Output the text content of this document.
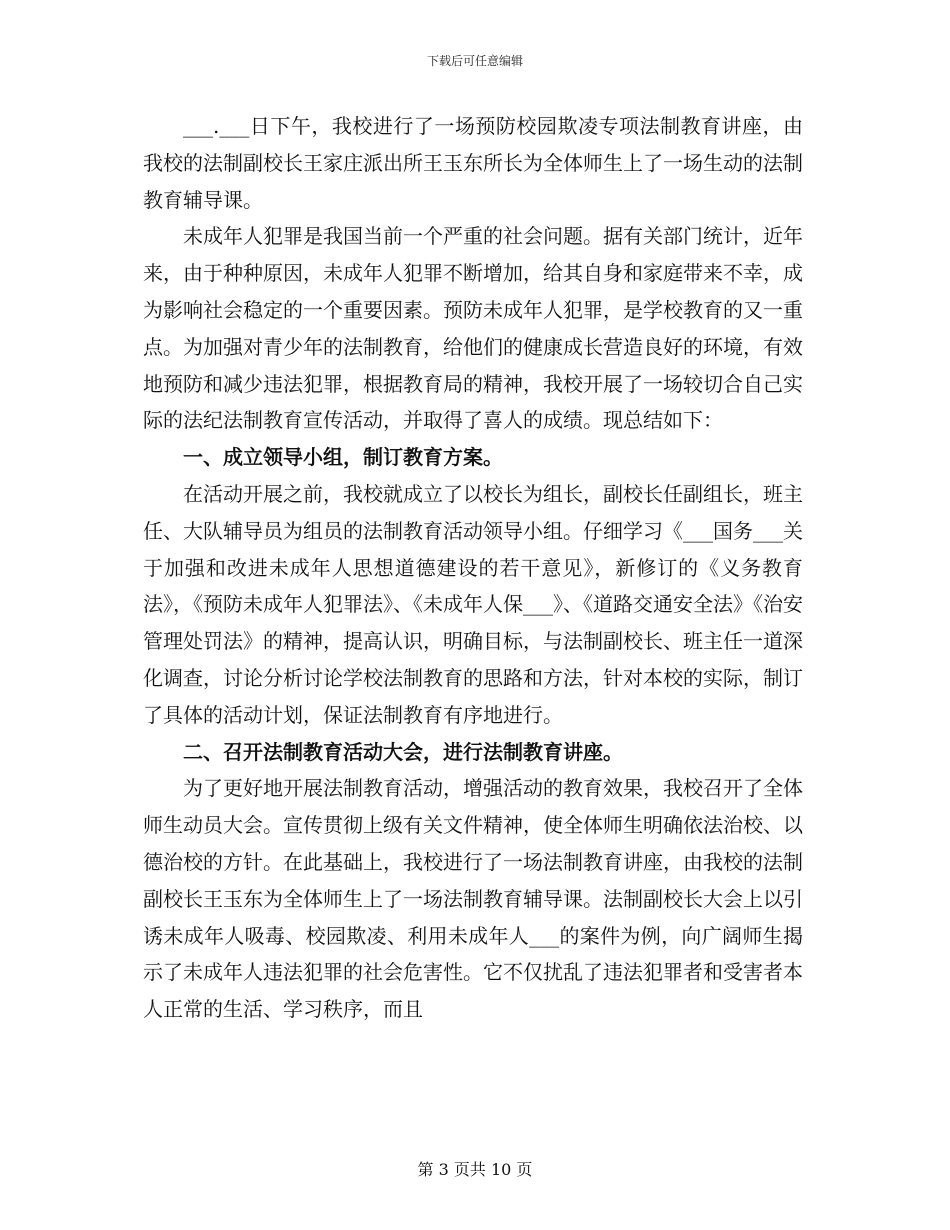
下载后可任意编辑

___.___日下午，我校进行了一场预防校园欺凌专项法制教育讲座，由我校的法制副校长王家庄派出所王玉东所长为全体师生上了一场生动的法制教育辅导课。

未成年人犯罪是我国当前一个严重的社会问题。据有关部门统计，近年来，由于种种原因，未成年人犯罪不断增加，给其自身和家庭带来不幸，成为影响社会稳定的一个重要因素。预防未成年人犯罪，是学校教育的又一重点。为加强对青少年的法制教育，给他们的健康成长营造良好的环境，有效地预防和减少违法犯罪，根据教育局的精神，我校开展了一场较切合自己实际的法纪法制教育宣传活动，并取得了喜人的成绩。现总结如下：

一、成立领导小组，制订教育方案。

在活动开展之前，我校就成立了以校长为组长，副校长任副组长，班主任、大队辅导员为组员的法制教育活动领导小组。仔细学习《___国务___关于加强和改进未成年人思想道德建设的若干意见》，新修订的《义务教育法》，《预防未成年人犯罪法》、《未成年人保___》、《道路交通安全法》《治安管理处罚法》的精神，提高认识，明确目标，与法制副校长、班主任一道深化调查，讨论分析讨论学校法制教育的思路和方法，针对本校的实际，制订了具体的活动计划，保证法制教育有序地进行。

二、召开法制教育活动大会，进行法制教育讲座。

为了更好地开展法制教育活动，增强活动的教育效果，我校召开了全体师生动员大会。宣传贯彻上级有关文件精神，使全体师生明确依法治校、以德治校的方针。在此基础上，我校进行了一场法制教育讲座，由我校的法制副校长王玉东为全体师生上了一场法制教育辅导课。法制副校长大会上以引诱未成年人吸毒、校园欺凌、利用未成年人___的案件为例，向广阔师生揭示了未成年人违法犯罪的社会危害性。它不仅扰乱了违法犯罪者和受害者本人正常的生活、学习秩序，而且

第 3 页共 10 页
